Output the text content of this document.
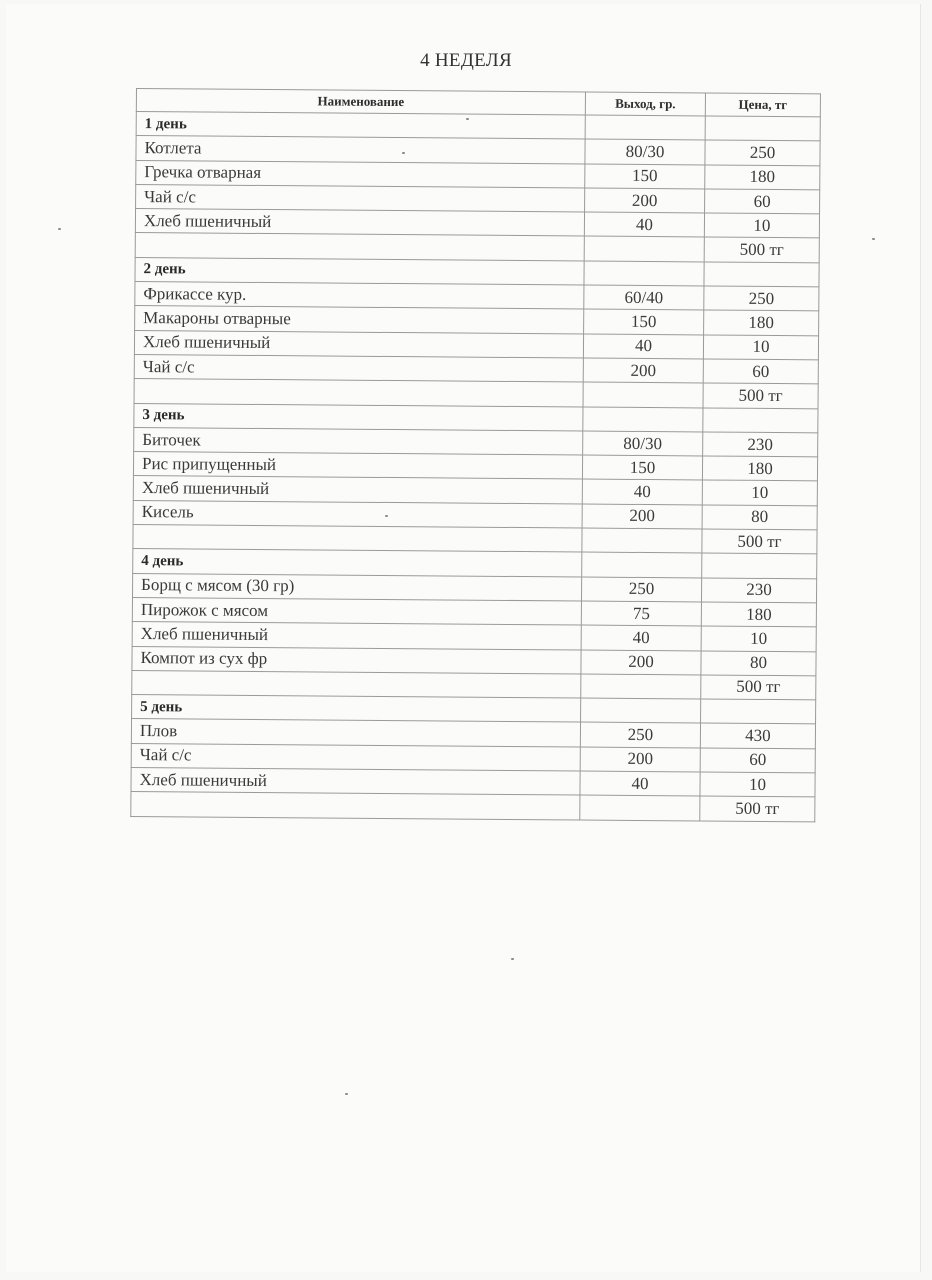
4 НЕДЕЛЯ
Наименование	Выход, гр.	Цена, тг
1 день		
Котлета	80/30	250
Гречка отварная	150	180
Чай с/с	200	60
Хлеб пшеничный	40	10
		500 тг
2 день		
Фрикассе кур.	60/40	250
Макароны отварные	150	180
Хлеб пшеничный	40	10
Чай с/с	200	60
		500 тг
3 день		
Биточек	80/30	230
Рис припущенный	150	180
Хлеб пшеничный	40	10
Кисель	200	80
		500 тг
4 день		
Борщ с мясом (30 гр)	250	230
Пирожок с мясом	75	180
Хлеб пшеничный	40	10
Компот из сух фр	200	80
		500 тг
5 день		
Плов	250	430
Чай с/с	200	60
Хлеб пшеничный	40	10
		500 тг
